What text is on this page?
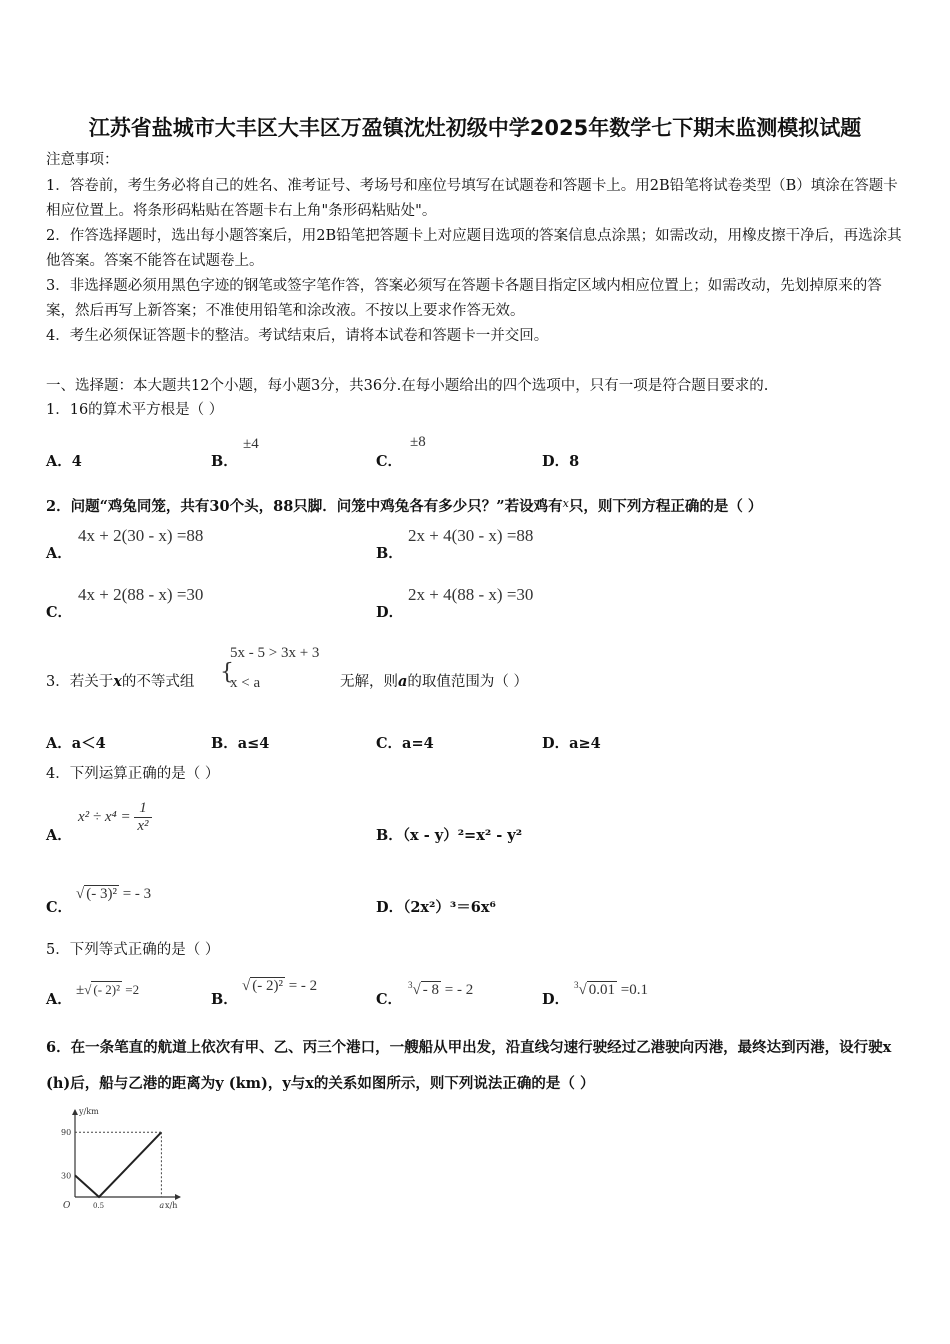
江苏省盐城市大丰区大丰区万盈镇沈灶初级中学2025年数学七下期末监测模拟试题
注意事项：
1．答卷前，考生务必将自己的姓名、准考证号、考场号和座位号填写在试题卷和答题卡上。用2B铅笔将试卷类型（B）填涂在答题卡相应位置上。将条形码粘贴在答题卡右上角"条形码粘贴处"。
2．作答选择题时，选出每小题答案后，用2B铅笔把答题卡上对应题目选项的答案信息点涂黑；如需改动，用橡皮擦干净后，再选涂其他答案。答案不能答在试题卷上。
3．非选择题必须用黑色字迹的钢笔或签字笔作答，答案必须写在答题卡各题目指定区域内相应位置上；如需改动，先划掉原来的答案，然后再写上新答案；不准使用铅笔和涂改液。不按以上要求作答无效。
4．考生必须保证答题卡的整洁。考试结束后，请将本试卷和答题卡一并交回。
一、选择题：本大题共12个小题，每小题3分，共36分.在每小题给出的四个选项中，只有一项是符合题目要求的.
1．16的算术平方根是（ ）
A．4	B．
±4
C．
±8
D．8
2．问题“鸡兔同笼，共有30个头，88只脚．问笼中鸡兔各有多少只？”若设鸡有$^x$只，则下列方程正确的是（ ）
A．
4x + 2(30 - x) =88
B．
2x + 4(30 - x) =88
C．
4x + 2(88 - x) =30
D．
2x + 4(88 - x) =30
3．若关于x的不等式组 {
5x - 5 > 3x + 3
x < a	无解，则a的取值范围为（ ）
A．a＜4	B．a≤4	C．a=4	D．a≥4
4．下列运算正确的是（ ）
A．
$x^2 \div x^4 = \frac{1}{\text{x²}}$
B．（x - y）²=x² - y²
C．
√ (- 3)² = - 3
D．（2x²）³＝6x⁶
5．下列等式正确的是（ ）
A．
±√ (- 2)² =2
B．
√ (- 2)² = - 2
C．
$^3$√ - 8 = - 2
D．
$^3$√ 0.01 =0.1
6．在一条笔直的航道上依次有甲、乙、丙三个港口，一艘船从甲出发，沿直线匀速行驶经过乙港驶向丙港，最终达到丙港，设行驶x (h)后，船与乙港的距离为y (km)，y与x的关系如图所示，则下列说法正确的是（ ）
y/km
x/h
O
90
30
0.5	a
